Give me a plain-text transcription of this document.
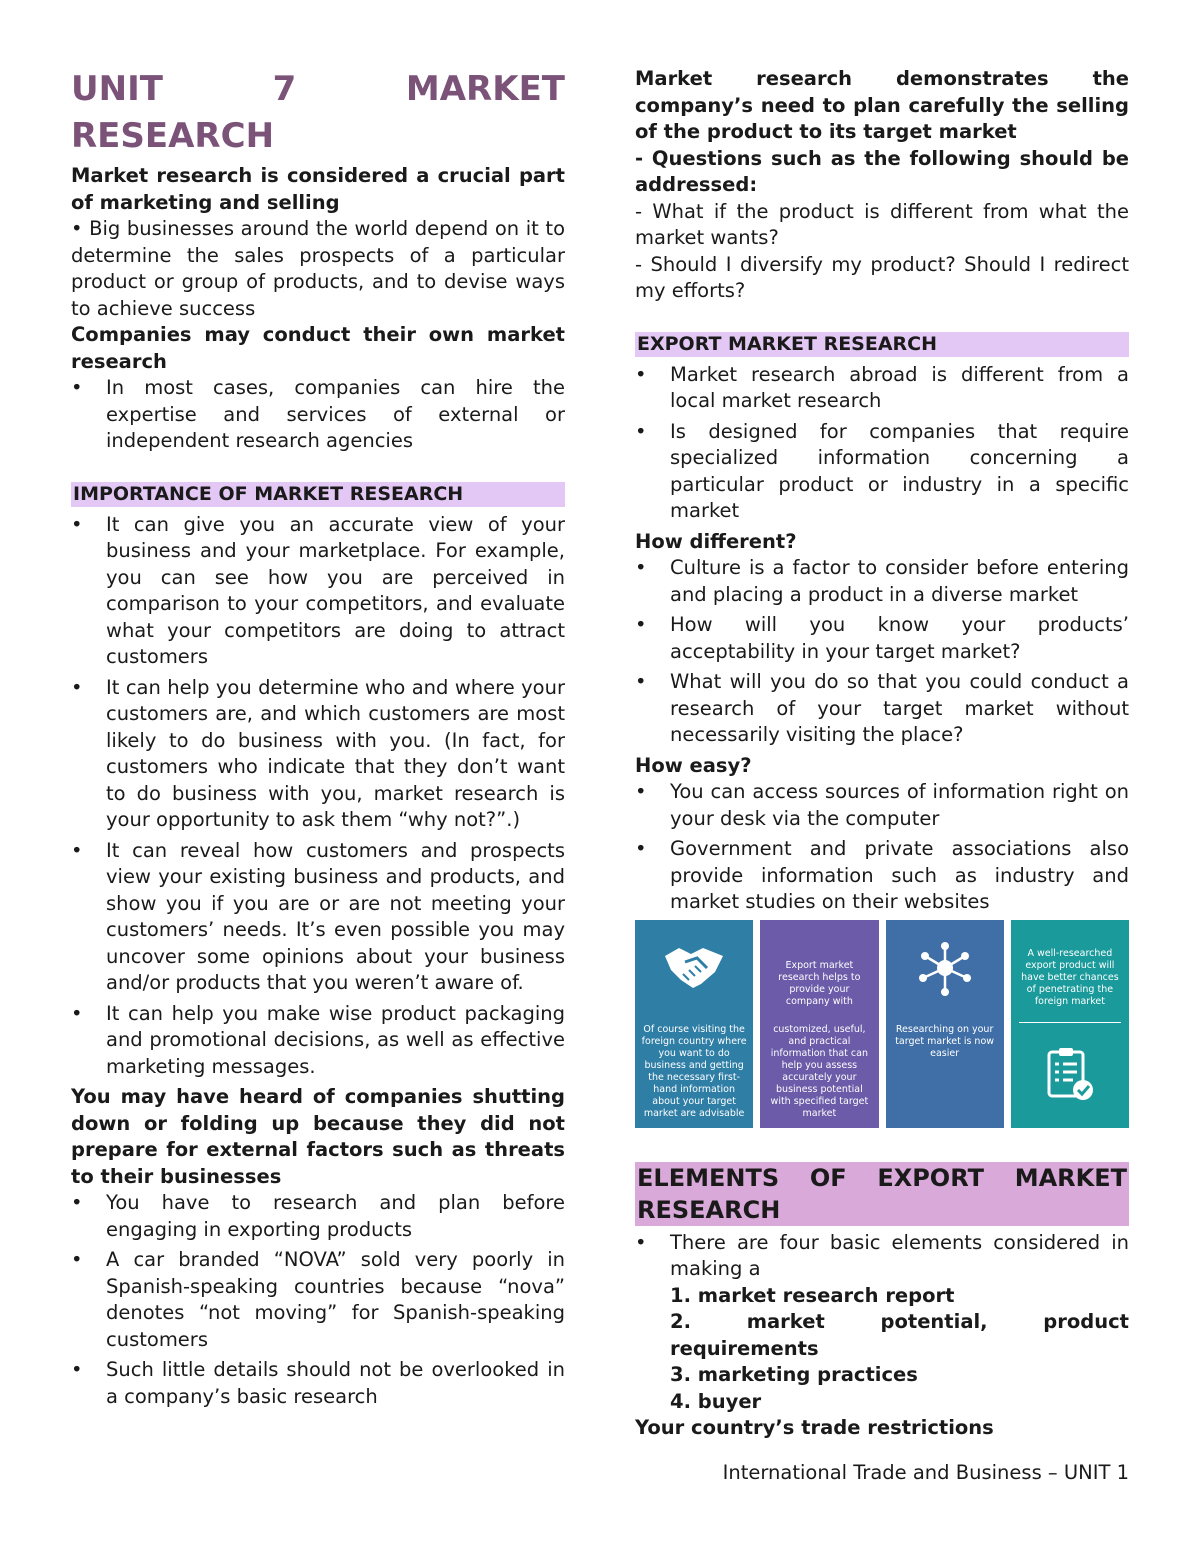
UNIT	7	MARKET
RESEARCH

Market research is considered a crucial part of marketing and selling

• Big businesses around the world depend on it to determine the sales prospects of a particular product or group of products, and to devise ways to achieve success

Companies may conduct their own market research

• In most cases, companies can hire the expertise and services of external or independent research agencies
IMPORTANCE OF MARKET RESEARCH
• It can give you an accurate view of your business and your marketplace. For example, you can see how you are perceived in comparison to your competitors, and evaluate what your competitors are doing to attract customers
• It can help you determine who and where your customers are, and which customers are most likely to do business with you. (In fact, for customers who indicate that they don’t want to do business with you, market research is your opportunity to ask them “why not?”.)
• It can reveal how customers and prospects view your existing business and products, and show you if you are or are not meeting your customers’ needs. It’s even possible you may uncover some opinions about your business and/or products that you weren’t aware of.
• It can help you make wise product packaging and promotional decisions, as well as effective marketing messages.

You may have heard of companies shutting down or folding up because they did not prepare for external factors such as threats to their businesses

• You have to research and plan before engaging in exporting products
• A car branded “NOVA” sold very poorly in Spanish-speaking countries because “nova” denotes “not moving” for Spanish-speaking customers
• Such little details should not be overlooked in a company’s basic research

Market research demonstrates the company’s need to plan carefully the selling of the product to its target market

- Questions such as the following should be addressed:

- What if the product is different from what the market wants?

- Should I diversify my product? Should I redirect my efforts?

EXPORT MARKET RESEARCH
• Market research abroad is different from a local market research
• Is designed for companies that require specialized information concerning a particular product or industry in a specific market

How different?

• Culture is a factor to consider before entering and placing a product in a diverse market
• How will you know your products’ acceptability in your target market?
• What will you do so that you could conduct a research of your target market without necessarily visiting the place?

How easy?

• You can access sources of information right on your desk via the computer
• Government and private associations also provide information such as industry and market studies on their websites
Of course visiting the foreign country where you want to do business and getting the necessary first-hand information about your target market are advisable
Export market research helps to provide your company with
customized, useful, and practical information that can help you assess accurately your business potential with specified target market
Researching on your target market is now easier
A well-researched export product will have better chances of penetrating the foreign market
ELEMENTS OF EXPORT MARKET
RESEARCH
• There are four basic elements considered in making a

1. market research report

2. market potential, product requirements

3. marketing practices

4. buyer

Your country’s trade restrictions

International Trade and Business – UNIT 1
